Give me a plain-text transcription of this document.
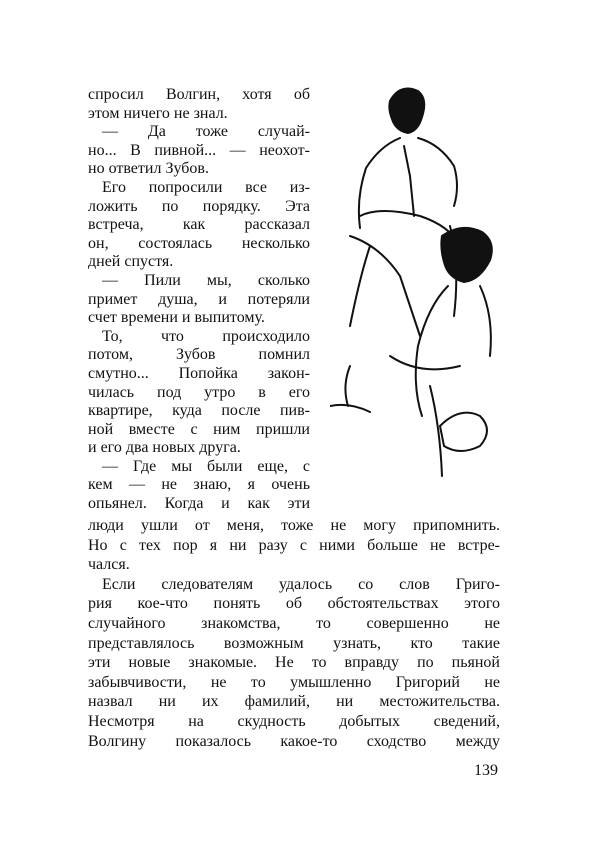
спросил Волгин, хотя об
этом ничего не знал.
— Да тоже случай-
но... В пивной... — неохот-
но ответил Зубов.
Его попросили все из-
ложить по порядку. Эта
встреча, как рассказал
он, состоялась несколько
дней спустя.
— Пили мы, сколько
примет душа, и потеряли
счет времени и выпитому.
То, что происходило
потом, Зубов помнил
смутно... Попойка закон-
чилась под утро в его
квартире, куда после пив-
ной вместе с ним пришли
и его два новых друга.
— Где мы были еще, с
кем — не знаю, я очень
опьянел. Когда и как эти
люди ушли от меня, тоже не могу припомнить.
Но с тех пор я ни разу с ними больше не встре-
чался.
Если следователям удалось со слов Григо-
рия кое-что понять об обстоятельствах этого
случайного знакомства, то совершенно не
представлялось возможным узнать, кто такие
эти новые знакомые. Не то вправду по пьяной
забывчивости, не то умышленно Григорий не
назвал ни их фамилий, ни местожительства.
Несмотря на скудность добытых сведений,
Волгину показалось какое-то сходство между
139
